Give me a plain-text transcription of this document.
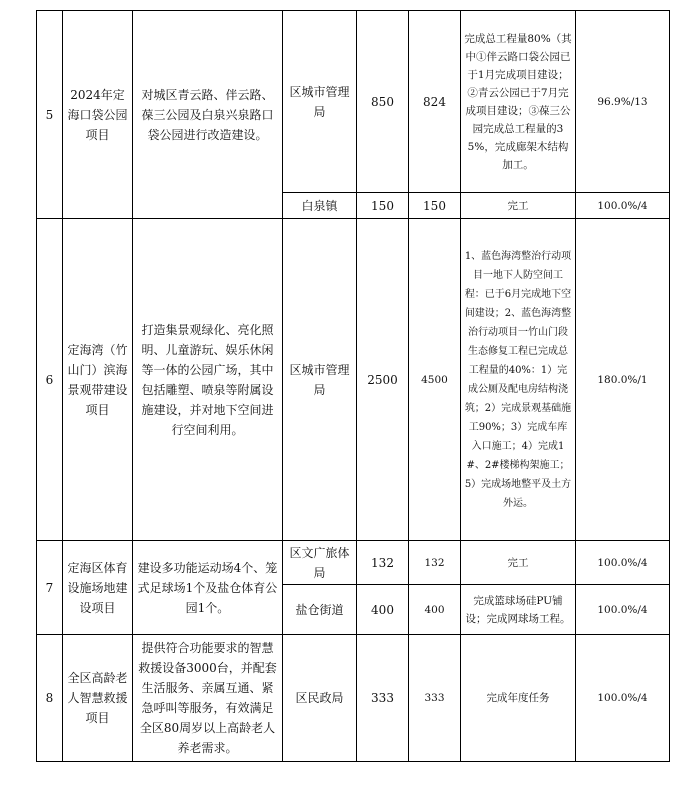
5	2024年定海口袋公园项目	对城区青云路、伴云路、葆三公园及白泉兴泉路口袋公园进行改造建设。	区城市管理局	850	824	完成总工程量80%（其中①伴云路口袋公园已于1月完成项目建设；②青云公园已于7月完成项目建设；③葆三公园完成总工程量的35%，完成廊架木结构加工。	96.9%/13
			白泉镇	150	150	完工	100.0%/4
6	定海湾（竹山门）滨海景观带建设项目	打造集景观绿化、亮化照明、儿童游玩、娱乐休闲等一体的公园广场，其中包括雕塑、喷泉等附属设施建设，并对地下空间进行空间利用。	区城市管理局	2500	4500	1、蓝色海湾整治行动项目一地下人防空间工程：已于6月完成地下空间建设；2、蓝色海湾整治行动项目一竹山门段生态修复工程已完成总工程量的40%：1）完成公厕及配电房结构浇筑；2）完成景观基础施工90%；3）完成车库入口施工；4）完成1#、2#楼梯构架施工；5）完成场地整平及土方外运。	180.0%/1
7	定海区体育设施场地建设项目	建设多功能运动场4个、笼式足球场1个及盐仓体育公园1个。	区文广旅体局	132	132	完工	100.0%/4
			盐仓街道	400	400	完成篮球场硅PU铺设；完成网球场工程。	100.0%/4
8	全区高龄老人智慧救援项目	提供符合功能要求的智慧救援设备3000台，并配套生活服务、亲属互通、紧急呼叫等服务，有效满足全区80周岁以上高龄老人养老需求。	区民政局	333	333	完成年度任务	100.0%/4
